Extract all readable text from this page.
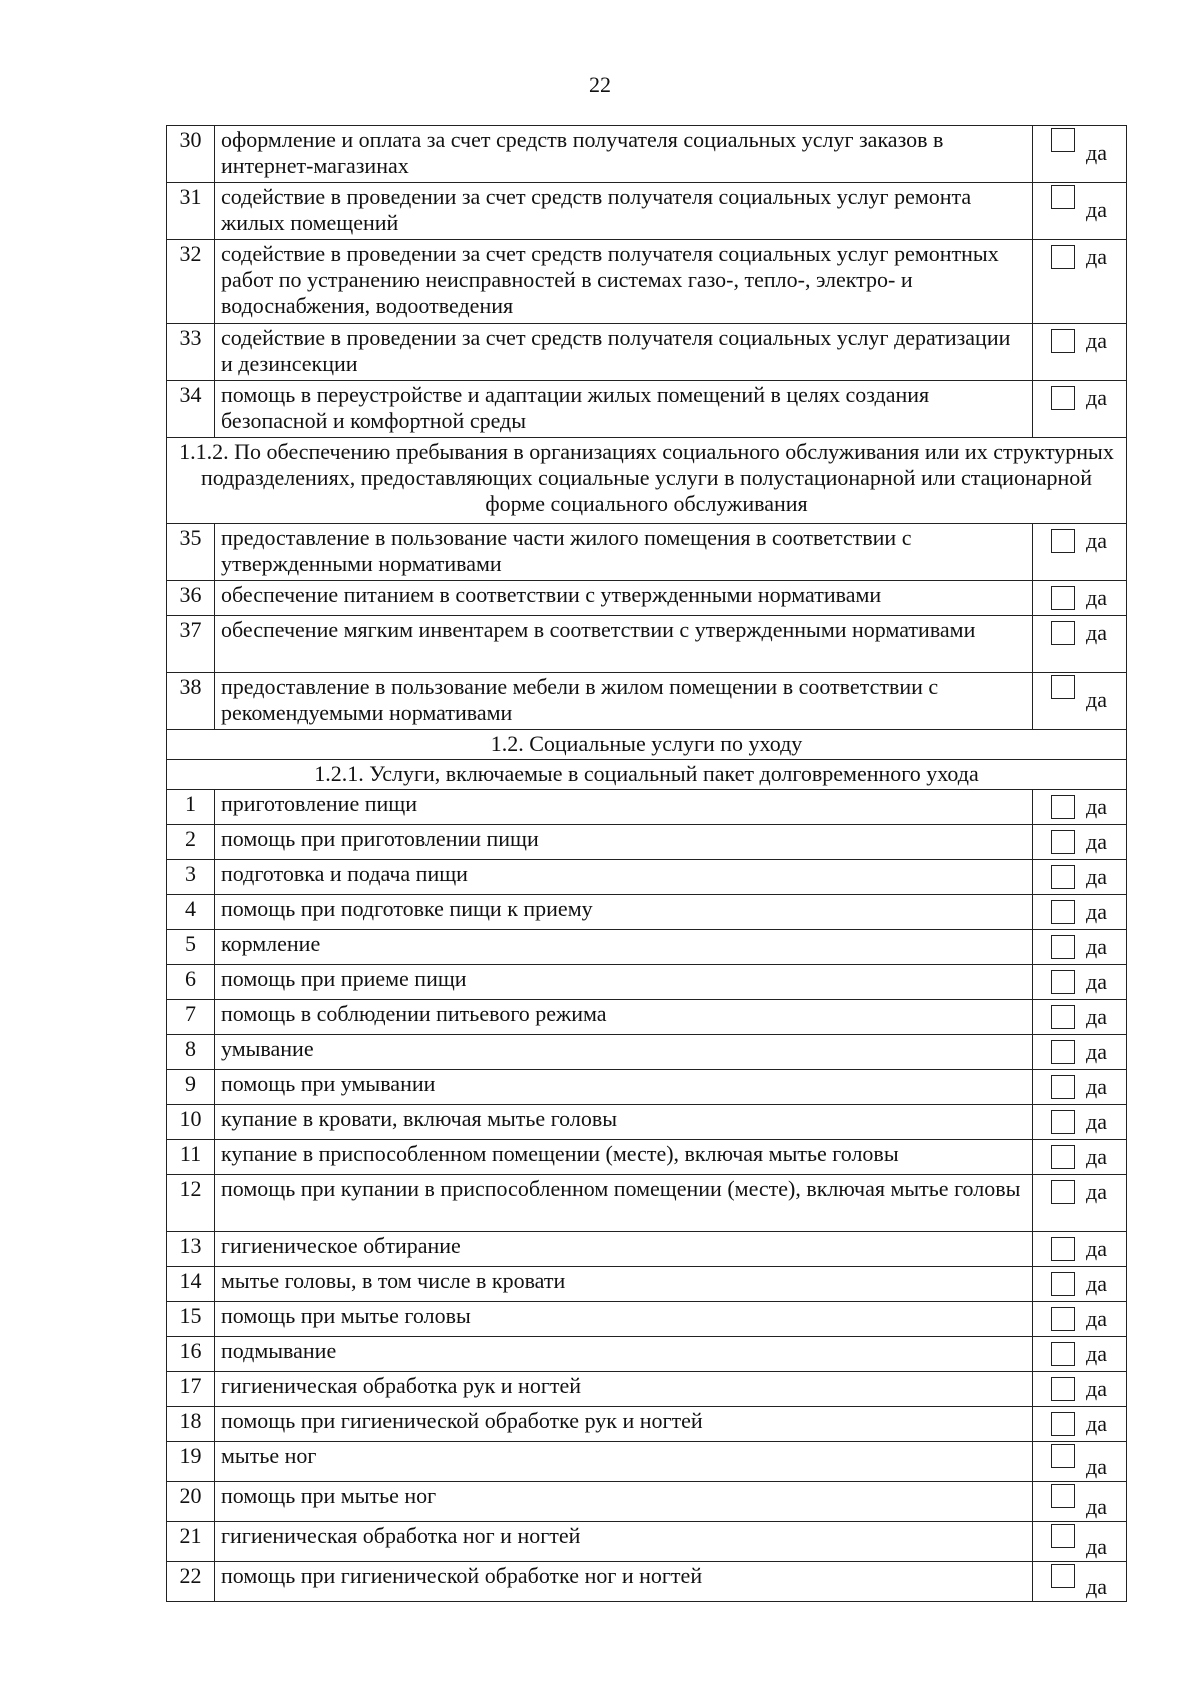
22
30	оформление и оплата за счет средств получателя социальных услуг заказов в интернет-магазинах	да

31	содействие в проведении за счет средств получателя социальных услуг ремонта жилых помещений	да

32	содействие в проведении за счет средств получателя социальных услуг ремонтных работ по устранению неисправностей в системах газо-, тепло-, электро- и водоснабжения, водоотведения	да

33	содействие в проведении за счет средств получателя социальных услуг дератизации и дезинсекции	да

34	помощь в переустройстве и адаптации жилых помещений в целях создания безопасной и комфортной среды	да

1.1.2. По обеспечению пребывания в организациях социального обслуживания или их структурных подразделениях, предоставляющих социальные услуги в полустационарной или стационарной форме социального обслуживания		
35	предоставление в пользование части жилого помещения в соответствии с утвержденными нормативами	да

36	обеспечение питанием в соответствии с утвержденными нормативами	да

37	обеспечение мягким инвентарем в соответствии с утвержденными нормативами	да

38	предоставление в пользование мебели в жилом помещении в соответствии с рекомендуемыми нормативами	да

1.2. Социальные услуги по уходу		
1.2.1. Услуги, включаемые в социальный пакет долговременного ухода		
1	приготовление пищи	да

2	помощь при приготовлении пищи	да

3	подготовка и подача пищи	да

4	помощь при подготовке пищи к приему	да

5	кормление	да

6	помощь при приеме пищи	да

7	помощь в соблюдении питьевого режима	да

8	умывание	да

9	помощь при умывании	да

10	купание в кровати, включая мытье головы	да

11	купание в приспособленном помещении (месте), включая мытье головы	да

12	помощь при купании в приспособленном помещении (месте), включая мытье головы	да

13	гигиеническое обтирание	да

14	мытье головы, в том числе в кровати	да

15	помощь при мытье головы	да

16	подмывание	да

17	гигиеническая обработка рук и ногтей	да

18	помощь при гигиенической обработке рук и ногтей	да

19	мытье ног	да

20	помощь при мытье ног	да

21	гигиеническая обработка ног и ногтей	да

22	помощь при гигиенической обработке ног и ногтей	да
